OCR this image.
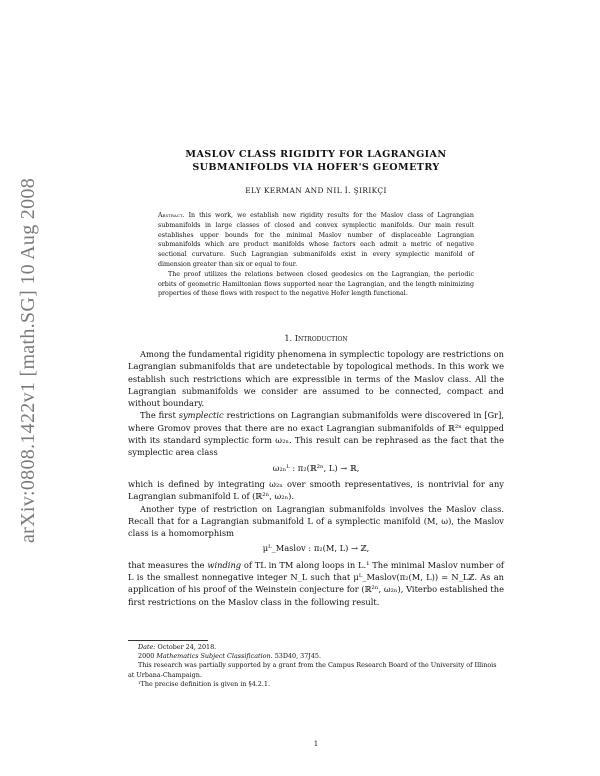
arXiv:0808.1422v1 [math.SG] 10 Aug 2008
MASLOV CLASS RIGIDITY FOR LAGRANGIAN
SUBMANIFOLDS VIA HOFER'S GEOMETRY
ELY KERMAN AND NIL İ. ŞIRIKÇI

Abstract. In this work, we establish new rigidity results for the Maslov class of Lagrangian submanifolds in large classes of closed and convex symplectic manifolds. Our main result establishes upper bounds for the minimal Maslov number of displaceable Lagrangian submanifolds which are product manifolds whose factors each admit a metric of negative sectional curvature. Such Lagrangian submanifolds exist in every symplectic manifold of dimension greater than six or equal to four.

The proof utilizes the relations between closed geodesics on the Lagrangian, the periodic orbits of geometric Hamiltonian flows supported near the Lagrangian, and the length minimizing properties of these flows with respect to the negative Hofer length functional.

1. Introduction

Among the fundamental rigidity phenomena in symplectic topology are restrictions on Lagrangian submanifolds that are undetectable by topological methods. In this work we establish such restrictions which are expressible in terms of the Maslov class. All the Lagrangian submanifolds we consider are assumed to be connected, compact and without boundary.

The first symplectic restrictions on Lagrangian submanifolds were discovered in [Gr], where Gromov proves that there are no exact Lagrangian submanifolds of ℝ²ⁿ equipped with its standard symplectic form ω₂ₙ. This result can be rephrased as the fact that the symplectic area class

ω₂ₙᴸ : π₂(ℝ²ⁿ, L) → ℝ,

which is defined by integrating ω₂ₙ over smooth representatives, is nontrivial for any Lagrangian submanifold L of (ℝ²ⁿ, ω₂ₙ).

Another type of restriction on Lagrangian submanifolds involves the Maslov class. Recall that for a Lagrangian submanifold L of a symplectic manifold (M, ω), the Maslov class is a homomorphism

μᴸ_Maslov : π₂(M, L) → ℤ,

that measures the winding of TL in TM along loops in L.¹ The minimal Maslov number of L is the smallest nonnegative integer N_L such that μᴸ_Maslov(π₂(M, L)) = N_Lℤ. As an application of his proof of the Weinstein conjecture for (ℝ²ⁿ, ω₂ₙ), Viterbo established the first restrictions on the Maslov class in the following result.

Date: October 24, 2018.

2000 Mathematics Subject Classification. 53D40, 37J45.

This research was partially supported by a grant from the Campus Research Board of the University of Illinois at Urbana-Champaign.

¹The precise definition is given in §4.2.1.

1
